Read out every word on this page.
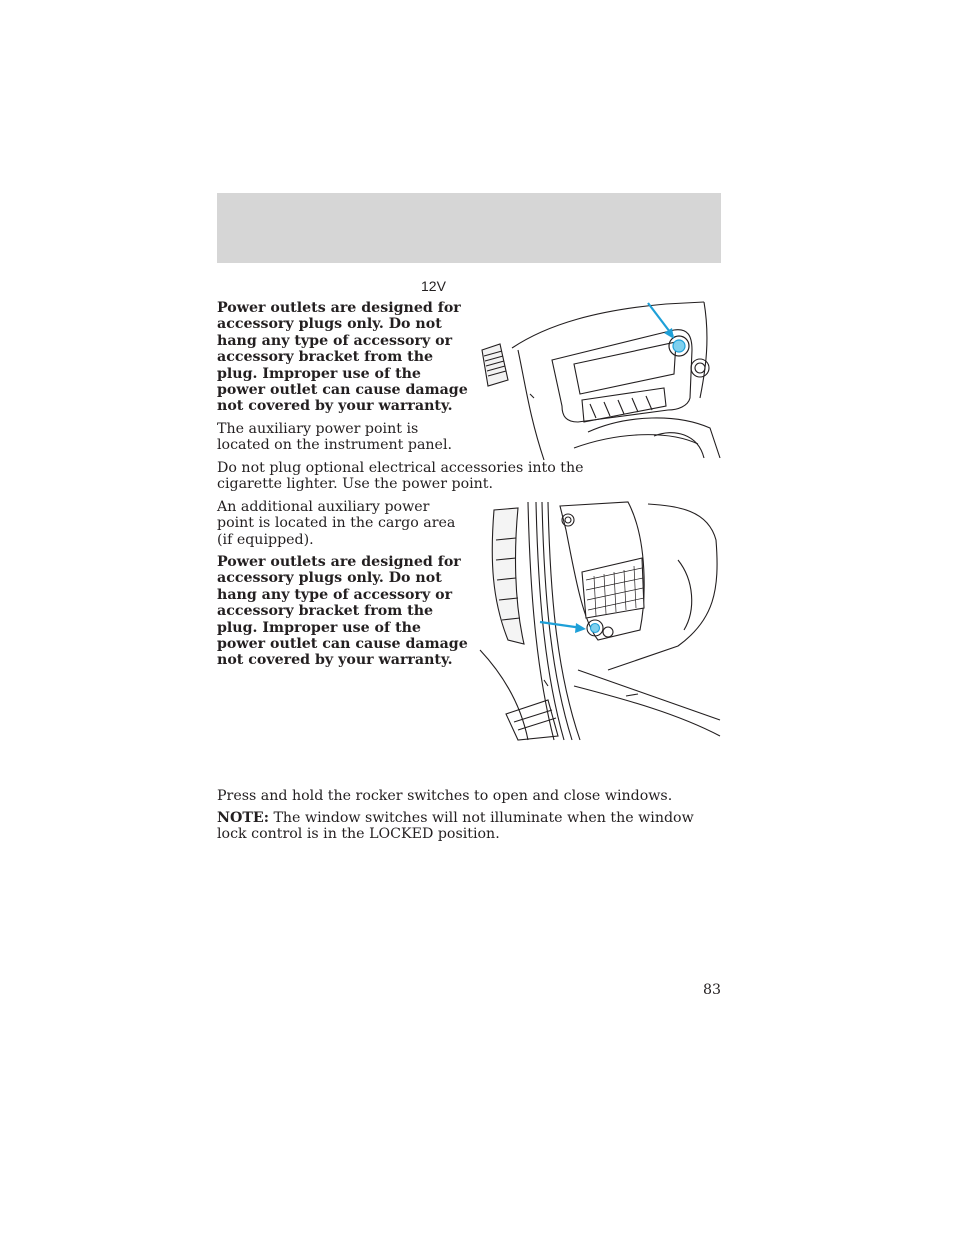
12V

Power outlets are designed for accessory plugs only. Do not hang any type of accessory or accessory bracket from the plug. Improper use of the power outlet can cause damage not covered by your warranty.

The auxiliary power point is located on the instrument panel.

Do not plug optional electrical accessories into the cigarette lighter. Use the power point.

An additional auxiliary power point is located in the cargo area (if equipped).

Power outlets are designed for accessory plugs only. Do not hang any type of accessory or accessory bracket from the plug. Improper use of the power outlet can cause damage not covered by your warranty.

Press and hold the rocker switches to open and close windows.

NOTE: The window switches will not illuminate when the window lock control is in the LOCKED position.

83
